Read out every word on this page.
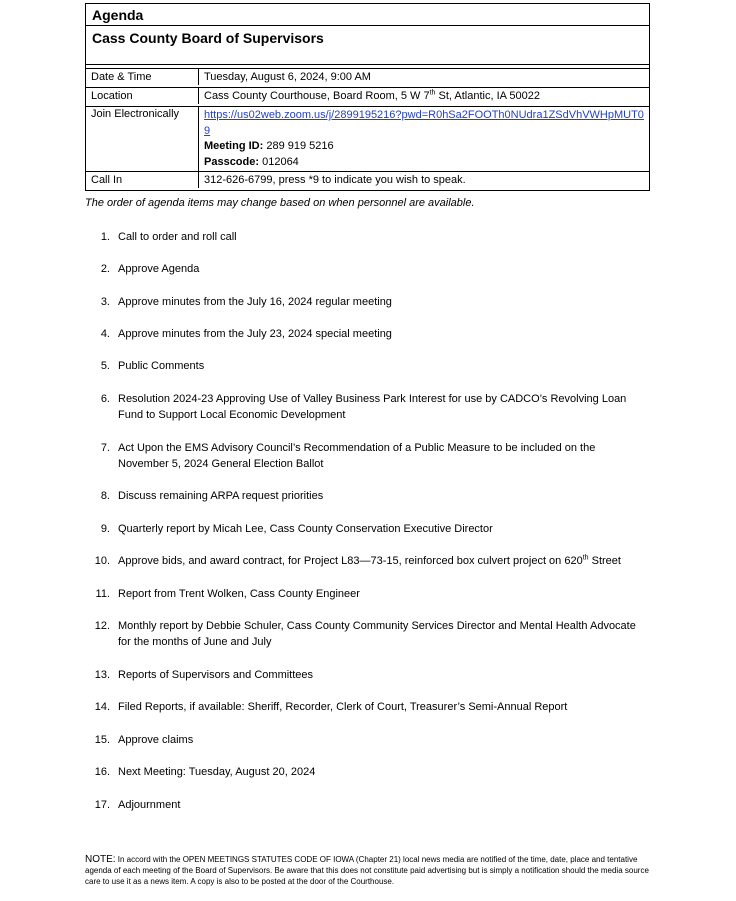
Agenda
Cass County Board of Supervisors
Date & Time	Tuesday, August 6, 2024, 9:00 AM
Location	Cass County Courthouse, Board Room, 5 W 7th St, Atlantic, IA 50022
Join Electronically	https://us02web.zoom.us/j/2899195216?pwd=R0hSa2FOOTh0NUdra1ZSdVhVWHpMUT09
Meeting ID: 289 919 5216
Passcode: 012064
Call In	312-626-6799, press *9 to indicate you wish to speak.
The order of agenda items may change based on when personnel are available.
1. Call to order and roll call
2. Approve Agenda
3. Approve minutes from the July 16, 2024 regular meeting
4. Approve minutes from the July 23, 2024 special meeting
5. Public Comments
6. Resolution 2024-23 Approving Use of Valley Business Park Interest for use by CADCO’s Revolving Loan
Fund to Support Local Economic Development
7. Act Upon the EMS Advisory Council’s Recommendation of a Public Measure to be included on the
November 5, 2024 General Election Ballot
8. Discuss remaining ARPA request priorities
9. Quarterly report by Micah Lee, Cass County Conservation Executive Director
10. Approve bids, and award contract, for Project L83—73-15, reinforced box culvert project on 620th Street
11. Report from Trent Wolken, Cass County Engineer
12. Monthly report by Debbie Schuler, Cass County Community Services Director and Mental Health Advocate
for the months of June and July
13. Reports of Supervisors and Committees
14. Filed Reports, if available: Sheriff, Recorder, Clerk of Court, Treasurer’s Semi-Annual Report
15. Approve claims
16. Next Meeting: Tuesday, August 20, 2024
17. Adjournment
NOTE: In accord with the OPEN MEETINGS STATUTES CODE OF IOWA (Chapter 21) local news media are notified of the time, date, place and tentative agenda of each meeting of the Board of Supervisors. Be aware that this does not constitute paid advertising but is simply a notification should the media source care to use it as a news item. A copy is also to be posted at the door of the Courthouse.
